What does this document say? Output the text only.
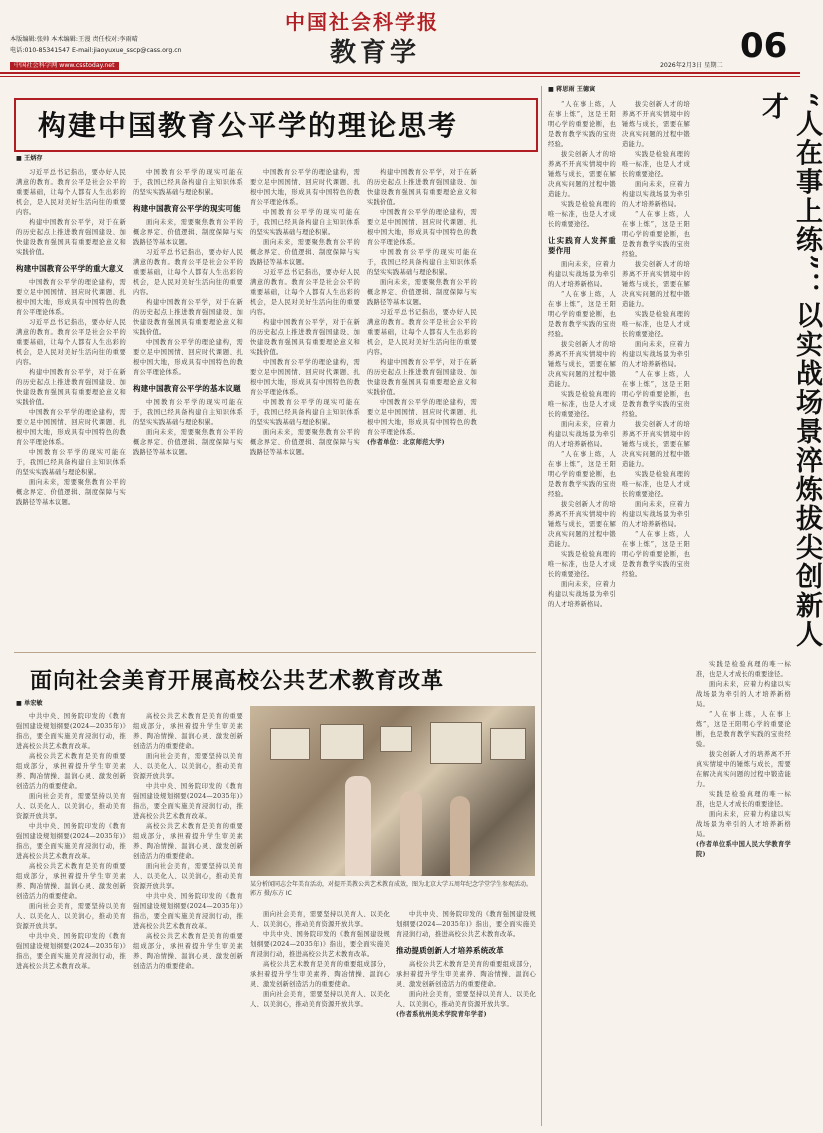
中国社会科学报
教育学	06
2026年2月3日 星期二
本版编辑:张帅 本术编辑:王漫 责任校对:李雨晴
电话:010-85341547 E-mail:jiaoyuxue_sscp@cass.org.cn
中国社会科学网 www.csstoday.net
构建中国教育公平学的理论思考
■ 王炳存

习近平总书记指出，要办好人民满意的教育。教育公平是社会公平的重要基础，让每个人都有人生出彩的机会，是人民对美好生活向往的重要内容。

构建中国教育公平学，对于在新的历史起点上推进教育强国建设、加快建设教育强国具有重要理论意义和实践价值。

构建中国教育公平学的重大意义

中国教育公平学的理论建构，需要立足中国国情、回应时代课题、扎根中国大地，形成具有中国特色的教育公平理论体系。

习近平总书记指出，要办好人民满意的教育。教育公平是社会公平的重要基础，让每个人都有人生出彩的机会，是人民对美好生活向往的重要内容。

构建中国教育公平学，对于在新的历史起点上推进教育强国建设、加快建设教育强国具有重要理论意义和实践价值。

中国教育公平学的理论建构，需要立足中国国情、回应时代课题、扎根中国大地，形成具有中国特色的教育公平理论体系。

中国教育公平学的现实可能在于，我国已经具备构建自主知识体系的坚实实践基础与理论积累。

面向未来，需要聚焦教育公平的概念界定、价值逻辑、制度保障与实践路径等基本议题。

中国教育公平学的现实可能在于，我国已经具备构建自主知识体系的坚实实践基础与理论积累。

构建中国教育公平学的现实可能

面向未来，需要聚焦教育公平的概念界定、价值逻辑、制度保障与实践路径等基本议题。

习近平总书记指出，要办好人民满意的教育。教育公平是社会公平的重要基础，让每个人都有人生出彩的机会，是人民对美好生活向往的重要内容。

构建中国教育公平学，对于在新的历史起点上推进教育强国建设、加快建设教育强国具有重要理论意义和实践价值。

中国教育公平学的理论建构，需要立足中国国情、回应时代课题、扎根中国大地，形成具有中国特色的教育公平理论体系。

构建中国教育公平学的基本议题

中国教育公平学的现实可能在于，我国已经具备构建自主知识体系的坚实实践基础与理论积累。

面向未来，需要聚焦教育公平的概念界定、价值逻辑、制度保障与实践路径等基本议题。

中国教育公平学的理论建构，需要立足中国国情、回应时代课题、扎根中国大地，形成具有中国特色的教育公平理论体系。

中国教育公平学的现实可能在于，我国已经具备构建自主知识体系的坚实实践基础与理论积累。

面向未来，需要聚焦教育公平的概念界定、价值逻辑、制度保障与实践路径等基本议题。

习近平总书记指出，要办好人民满意的教育。教育公平是社会公平的重要基础，让每个人都有人生出彩的机会，是人民对美好生活向往的重要内容。

构建中国教育公平学，对于在新的历史起点上推进教育强国建设、加快建设教育强国具有重要理论意义和实践价值。

中国教育公平学的理论建构，需要立足中国国情、回应时代课题、扎根中国大地，形成具有中国特色的教育公平理论体系。

中国教育公平学的现实可能在于，我国已经具备构建自主知识体系的坚实实践基础与理论积累。

面向未来，需要聚焦教育公平的概念界定、价值逻辑、制度保障与实践路径等基本议题。

构建中国教育公平学，对于在新的历史起点上推进教育强国建设、加快建设教育强国具有重要理论意义和实践价值。

中国教育公平学的理论建构，需要立足中国国情、回应时代课题、扎根中国大地，形成具有中国特色的教育公平理论体系。

中国教育公平学的现实可能在于，我国已经具备构建自主知识体系的坚实实践基础与理论积累。

面向未来，需要聚焦教育公平的概念界定、价值逻辑、制度保障与实践路径等基本议题。

习近平总书记指出，要办好人民满意的教育。教育公平是社会公平的重要基础，让每个人都有人生出彩的机会，是人民对美好生活向往的重要内容。

构建中国教育公平学，对于在新的历史起点上推进教育强国建设、加快建设教育强国具有重要理论意义和实践价值。

中国教育公平学的理论建构，需要立足中国国情、回应时代课题、扎根中国大地，形成具有中国特色的教育公平理论体系。

(作者单位：北京师范大学)

■ 蒋思雨 王德寅
“人在事上练”：以实战场景淬炼拔尖创新人才

“人在事上练，人在事上炼”，这是王阳明心学的重要论断，也是教育教学实践的宝贵经验。

拔尖创新人才的培养离不开真实情境中的锤炼与成长，需要在解决真实问题的过程中锻造能力。

实践是检验真理的唯一标准，也是人才成长的重要途径。

让实践育人发挥重要作用

面向未来，应着力构建以实战场景为牵引的人才培养新格局。

“人在事上练，人在事上炼”，这是王阳明心学的重要论断，也是教育教学实践的宝贵经验。

拔尖创新人才的培养离不开真实情境中的锤炼与成长，需要在解决真实问题的过程中锻造能力。

实践是检验真理的唯一标准，也是人才成长的重要途径。

面向未来，应着力构建以实战场景为牵引的人才培养新格局。

“人在事上练，人在事上炼”，这是王阳明心学的重要论断，也是教育教学实践的宝贵经验。

拔尖创新人才的培养离不开真实情境中的锤炼与成长，需要在解决真实问题的过程中锻造能力。

实践是检验真理的唯一标准，也是人才成长的重要途径。

面向未来，应着力构建以实战场景为牵引的人才培养新格局。

拔尖创新人才的培养离不开真实情境中的锤炼与成长，需要在解决真实问题的过程中锻造能力。

实践是检验真理的唯一标准，也是人才成长的重要途径。

面向未来，应着力构建以实战场景为牵引的人才培养新格局。

“人在事上练，人在事上炼”，这是王阳明心学的重要论断，也是教育教学实践的宝贵经验。

拔尖创新人才的培养离不开真实情境中的锤炼与成长，需要在解决真实问题的过程中锻造能力。

实践是检验真理的唯一标准，也是人才成长的重要途径。

面向未来，应着力构建以实战场景为牵引的人才培养新格局。

“人在事上练，人在事上炼”，这是王阳明心学的重要论断，也是教育教学实践的宝贵经验。

拔尖创新人才的培养离不开真实情境中的锤炼与成长，需要在解决真实问题的过程中锻造能力。

实践是检验真理的唯一标准，也是人才成长的重要途径。

面向未来，应着力构建以实战场景为牵引的人才培养新格局。

“人在事上练，人在事上炼”，这是王阳明心学的重要论断，也是教育教学实践的宝贵经验。

实践是检验真理的唯一标准，也是人才成长的重要途径。

面向未来，应着力构建以实战场景为牵引的人才培养新格局。

“人在事上练，人在事上炼”，这是王阳明心学的重要论断，也是教育教学实践的宝贵经验。

拔尖创新人才的培养离不开真实情境中的锤炼与成长，需要在解决真实问题的过程中锻造能力。

实践是检验真理的唯一标准，也是人才成长的重要途径。

面向未来，应着力构建以实战场景为牵引的人才培养新格局。

(作者单位系中国人民大学教育学院)

面向社会美育开展高校公共艺术教育改革
■ 单宏敏

中共中央、国务院印发的《教育强国建设规划纲要(2024—2035年)》指出，要全面实施美育浸润行动，推进高校公共艺术教育改革。

高校公共艺术教育是美育的重要组成部分，承担着提升学生审美素养、陶冶情操、温润心灵、激发创新创造活力的重要使命。

面向社会美育，需要坚持以美育人、以美化人、以美润心，推动美育资源开放共享。

中共中央、国务院印发的《教育强国建设规划纲要(2024—2035年)》指出，要全面实施美育浸润行动，推进高校公共艺术教育改革。

高校公共艺术教育是美育的重要组成部分，承担着提升学生审美素养、陶冶情操、温润心灵、激发创新创造活力的重要使命。

面向社会美育，需要坚持以美育人、以美化人、以美润心，推动美育资源开放共享。

中共中央、国务院印发的《教育强国建设规划纲要(2024—2035年)》指出，要全面实施美育浸润行动，推进高校公共艺术教育改革。

高校公共艺术教育是美育的重要组成部分，承担着提升学生审美素养、陶冶情操、温润心灵、激发创新创造活力的重要使命。

面向社会美育，需要坚持以美育人、以美化人、以美润心，推动美育资源开放共享。

中共中央、国务院印发的《教育强国建设规划纲要(2024—2035年)》指出，要全面实施美育浸润行动，推进高校公共艺术教育改革。

高校公共艺术教育是美育的重要组成部分，承担着提升学生审美素养、陶冶情操、温润心灵、激发创新创造活力的重要使命。

面向社会美育，需要坚持以美育人、以美化人、以美润心，推动美育资源开放共享。

中共中央、国务院印发的《教育强国建设规划纲要(2024—2035年)》指出，要全面实施美育浸润行动，推进高校公共艺术教育改革。

高校公共艺术教育是美育的重要组成部分，承担着提升学生审美素养、陶冶情操、温润心灵、激发创新创造活力的重要使命。

某分析闻同志会年美育活动，对提开美教公共艺术教育成效，图为北京大学五周年纪念学堂学生参观活动。 郭方 摄/东方 IC

面向社会美育，需要坚持以美育人、以美化人、以美润心，推动美育资源开放共享。

中共中央、国务院印发的《教育强国建设规划纲要(2024—2035年)》指出，要全面实施美育浸润行动，推进高校公共艺术教育改革。

高校公共艺术教育是美育的重要组成部分，承担着提升学生审美素养、陶冶情操、温润心灵、激发创新创造活力的重要使命。

面向社会美育，需要坚持以美育人、以美化人、以美润心，推动美育资源开放共享。

中共中央、国务院印发的《教育强国建设规划纲要(2024—2035年)》指出，要全面实施美育浸润行动，推进高校公共艺术教育改革。

推动提质创新人才培养系统改革

高校公共艺术教育是美育的重要组成部分，承担着提升学生审美素养、陶冶情操、温润心灵、激发创新创造活力的重要使命。

面向社会美育，需要坚持以美育人、以美化人、以美润心，推动美育资源开放共享。

(作者系杭州美术学院青年学者)
